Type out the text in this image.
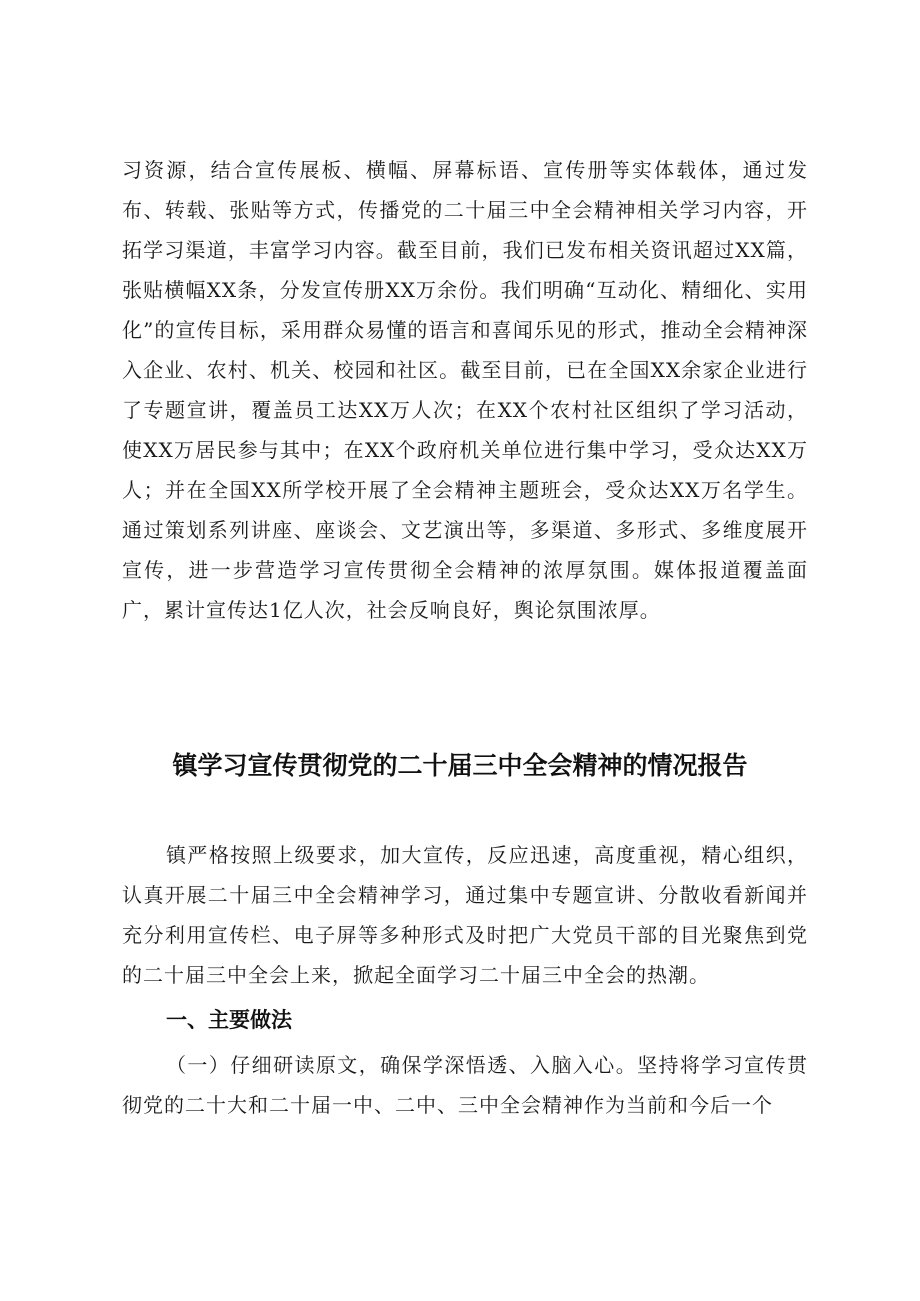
习资源，结合宣传展板、横幅、屏幕标语、宣传册等实体载体，通过发布、转载、张贴等方式，传播党的二十届三中全会精神相关学习内容，开拓学习渠道，丰富学习内容。截至目前，我们已发布相关资讯超过XX篇，张贴横幅XX条，分发宣传册XX万余份。我们明确“互动化、精细化、实用化”的宣传目标，采用群众易懂的语言和喜闻乐见的形式，推动全会精神深入企业、农村、机关、校园和社区。截至目前，已在全国XX余家企业进行了专题宣讲，覆盖员工达XX万人次；在XX个农村社区组织了学习活动，使XX万居民参与其中；在XX个政府机关单位进行集中学习，受众达XX万人；并在全国XX所学校开展了全会精神主题班会，受众达XX万名学生。通过策划系列讲座、座谈会、文艺演出等，多渠道、多形式、多维度展开宣传，进一步营造学习宣传贯彻全会精神的浓厚氛围。媒体报道覆盖面广，累计宣传达1亿人次，社会反响良好，舆论氛围浓厚。

镇学习宣传贯彻党的二十届三中全会精神的情况报告

镇严格按照上级要求，加大宣传，反应迅速，高度重视，精心组织，认真开展二十届三中全会精神学习，通过集中专题宣讲、分散收看新闻并充分利用宣传栏、电子屏等多种形式及时把广大党员干部的目光聚焦到党的二十届三中全会上来，掀起全面学习二十届三中全会的热潮。

一、主要做法

（一）仔细研读原文，确保学深悟透、入脑入心。坚持将学习宣传贯彻党的二十大和二十届一中、二中、三中全会精神作为当前和今后一个
